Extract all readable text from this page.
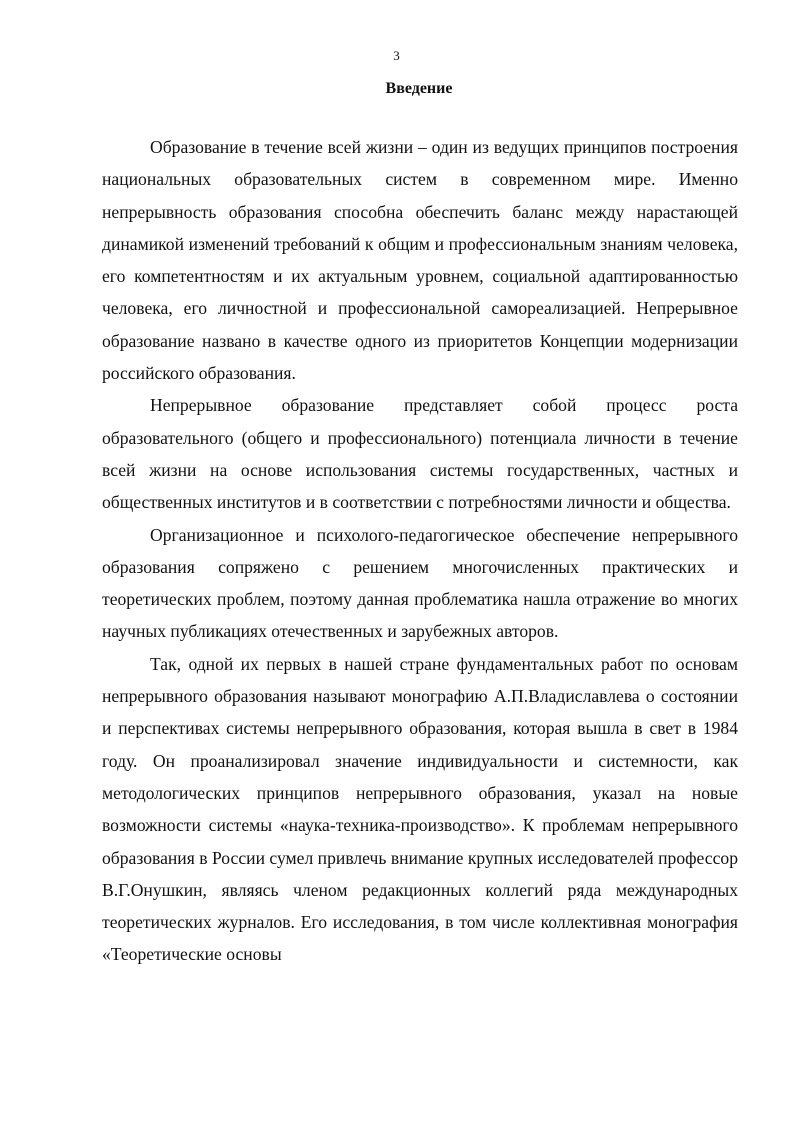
3
Введение

Образование в течение всей жизни – один из ведущих принципов построения национальных образовательных систем в современном мире. Именно непрерывность образования способна обеспечить баланс между нарастающей динамикой изменений требований к общим и профессиональным знаниям человека, его компетентностям и их актуальным уровнем, социальной адаптированностью человека, его личностной и профессиональной самореализацией. Непрерывное образование названо в качестве одного из приоритетов Концепции модернизации российского образования.

Непрерывное образование представляет собой процесс роста образовательного (общего и профессионального) потенциала личности в течение всей жизни на основе использования системы государственных, частных и общественных институтов и в соответствии с потребностями личности и общества.

Организационное и психолого-педагогическое обеспечение непрерывного образования сопряжено с решением многочисленных практических и теоретических проблем, поэтому данная проблематика нашла отражение во многих научных публикациях отечественных и зарубежных авторов.

Так, одной их первых в нашей стране фундаментальных работ по основам непрерывного образования называют монографию А.П.Владиславлева о состоянии и перспективах системы непрерывного образования, которая вышла в свет в 1984 году. Он проанализировал значение индивидуальности и системности, как методологических принципов непрерывного образования, указал на новые возможности системы «наука-техника-производство». К проблемам непрерывного образования в России сумел привлечь внимание крупных исследователей профессор В.Г.Онушкин, являясь членом редакционных коллегий ряда международных теоретических журналов. Его исследования, в том числе коллективная монография «Теоретические основы
